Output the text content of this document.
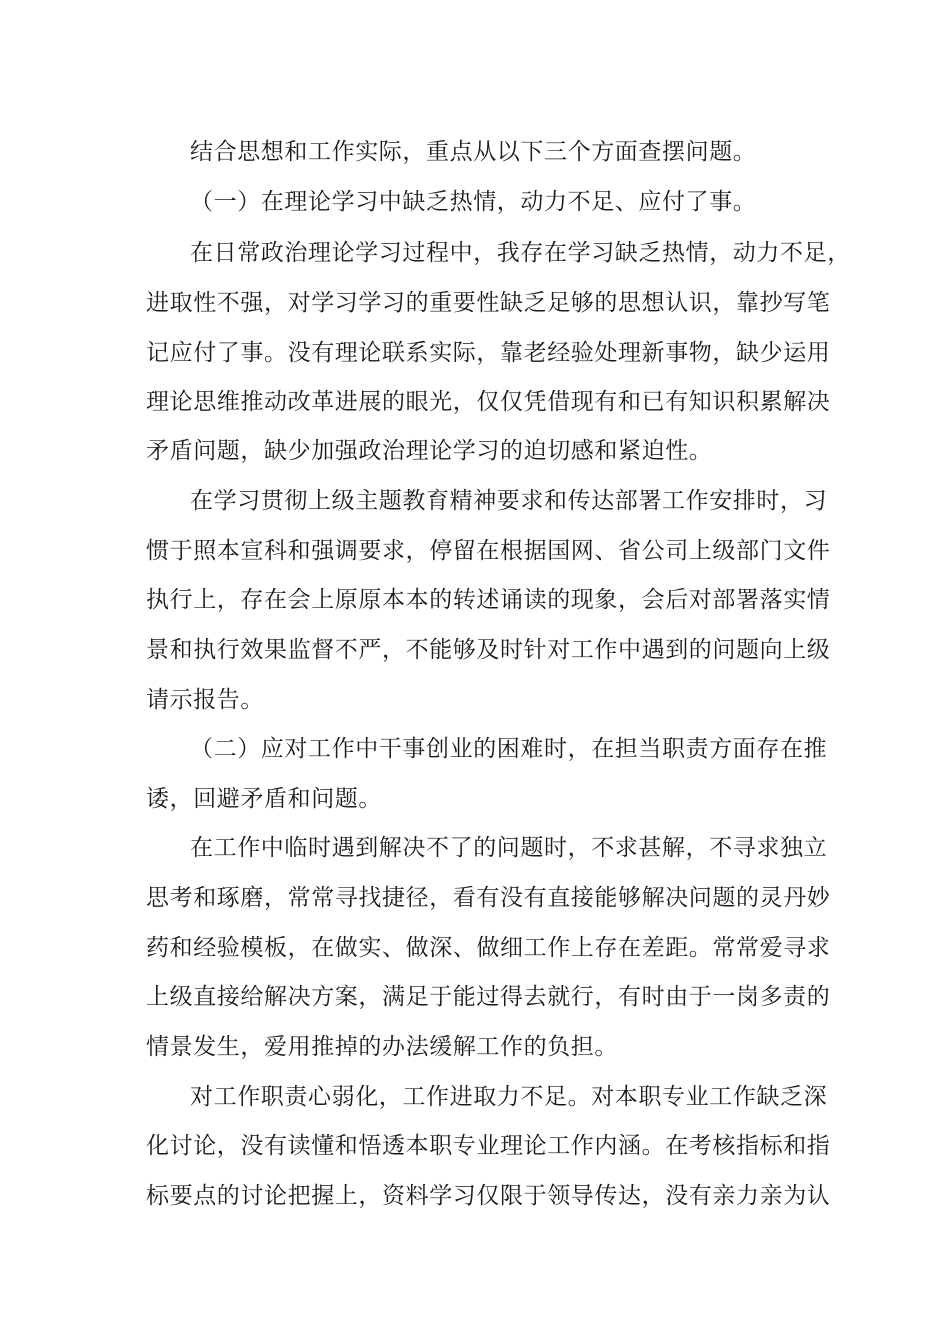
结合思想和工作实际，重点从以下三个方面查摆问题。
（一）在理论学习中缺乏热情，动力不足、应付了事。
在日常政治理论学习过程中，我存在学习缺乏热情，动力不足，
进取性不强，对学习学习的重要性缺乏足够的思想认识，靠抄写笔
记应付了事。没有理论联系实际，靠老经验处理新事物，缺少运用
理论思维推动改革进展的眼光，仅仅凭借现有和已有知识积累解决
矛盾问题，缺少加强政治理论学习的迫切感和紧迫性。
在学习贯彻上级主题教育精神要求和传达部署工作安排时，习
惯于照本宣科和强调要求，停留在根据国网、省公司上级部门文件
执行上，存在会上原原本本的转述诵读的现象，会后对部署落实情
景和执行效果监督不严，不能够及时针对工作中遇到的问题向上级
请示报告。
（二）应对工作中干事创业的困难时，在担当职责方面存在推
诿，回避矛盾和问题。
在工作中临时遇到解决不了的问题时，不求甚解，不寻求独立
思考和琢磨，常常寻找捷径，看有没有直接能够解决问题的灵丹妙
药和经验模板，在做实、做深、做细工作上存在差距。常常爱寻求
上级直接给解决方案，满足于能过得去就行，有时由于一岗多责的
情景发生，爱用推掉的办法缓解工作的负担。
对工作职责心弱化，工作进取力不足。对本职专业工作缺乏深
化讨论，没有读懂和悟透本职专业理论工作内涵。在考核指标和指
标要点的讨论把握上，资料学习仅限于领导传达，没有亲力亲为认
